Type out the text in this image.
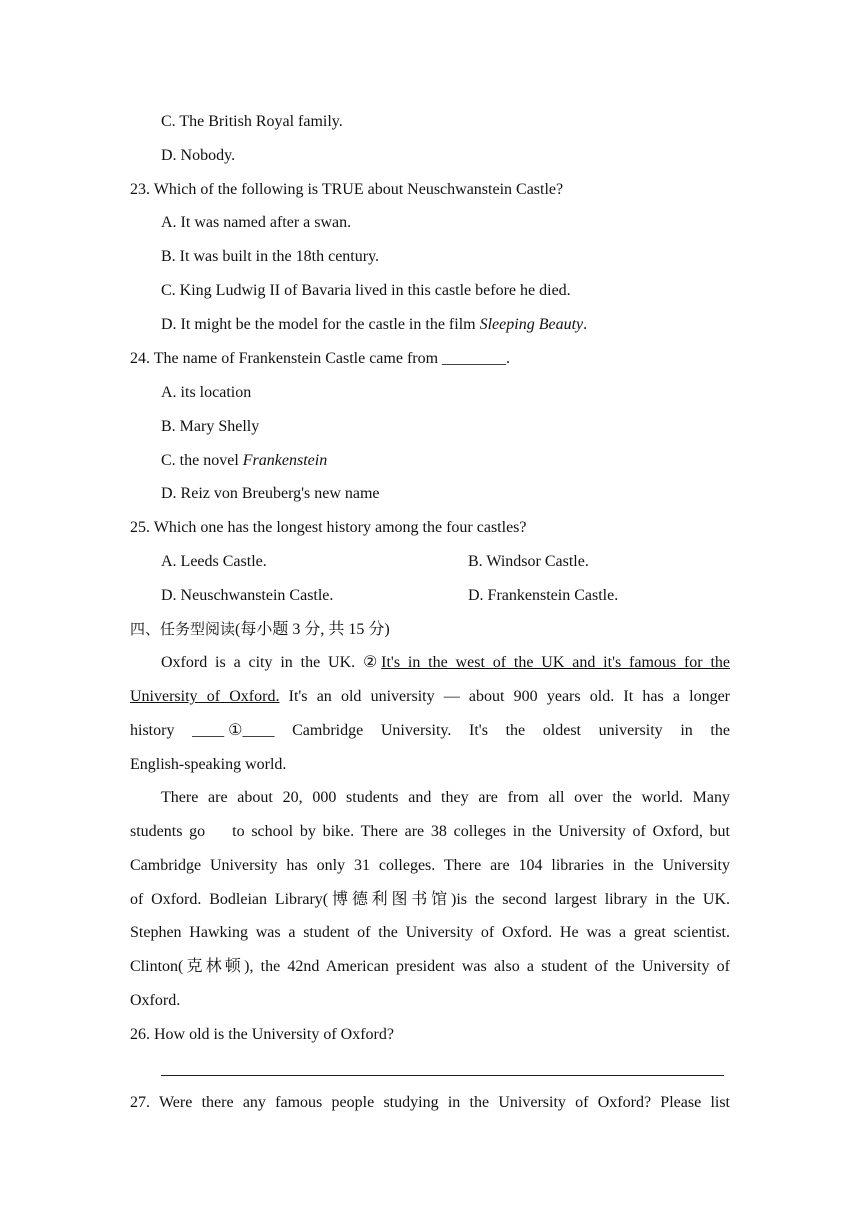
C. The British Royal family.
D. Nobody.
23. Which of the following is TRUE about Neuschwanstein Castle?
A. It was named after a swan.
B. It was built in the 18th century.
C. King Ludwig II of Bavaria lived in this castle before he died.
D. It might be the model for the castle in the film Sleeping Beauty.
24. The name of Frankenstein Castle came from ________.
A. its location
B. Mary Shelly
C. the novel Frankenstein
D. Reiz von Breuberg's new name
25. Which one has the longest history among the four castles?
A. Leeds Castle.	B. Windsor Castle.
D. Neuschwanstein Castle.	D. Frankenstein Castle.
四、任务型阅读(每小题 3 分, 共 15 分)
Oxford is a city in the UK. ②It's in the west of the UK and it's famous for the
University of Oxford. It's an old university — about 900 years old. It has a longer
history ____ ①____ Cambridge University. It's the oldest university in the
English-speaking world.
There are about 20, 000 students and they are from all over the world. Many
students go    to school by bike. There are 38 colleges in the University of Oxford, but
Cambridge University has only 31 colleges. There are 104 libraries in the University
of Oxford. Bodleian Library(博德利图书馆)is the second largest library in the UK.
Stephen Hawking was a student of the University of Oxford. He was a great scientist.
Clinton(克林顿), the 42nd American president was also a student of the University of
Oxford.
26. How old is the University of Oxford?
27. Were there any famous people studying in the University of Oxford? Please list
